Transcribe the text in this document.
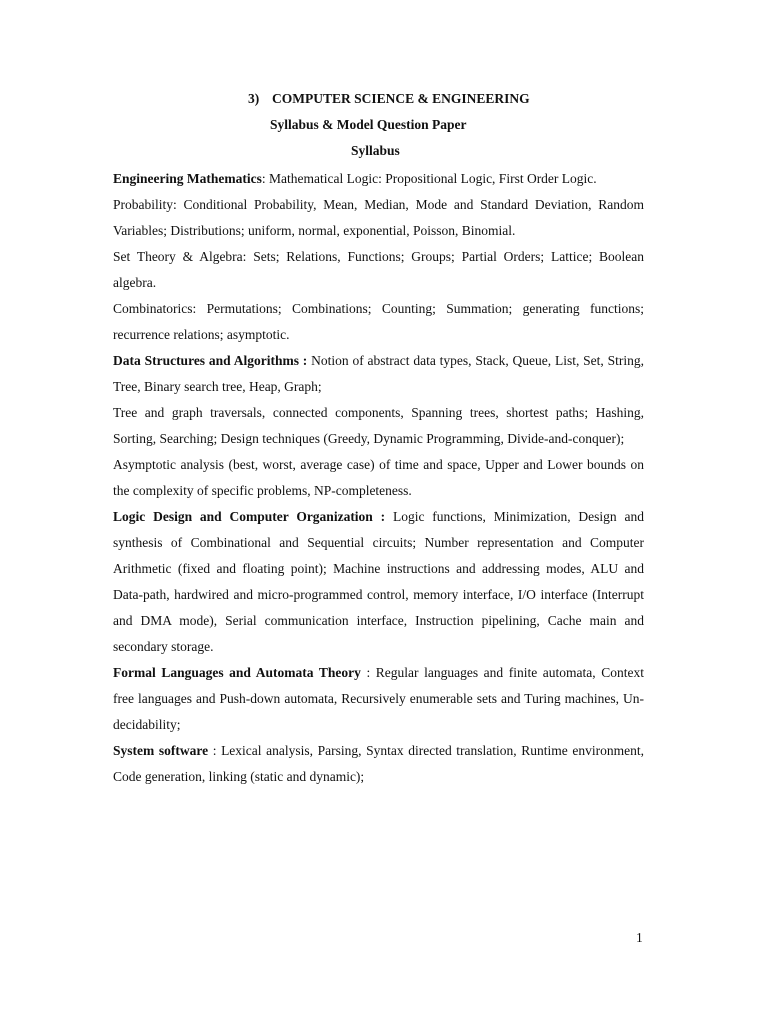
3) COMPUTER SCIENCE & ENGINEERING
Syllabus & Model Question Paper
Syllabus

Engineering Mathematics: Mathematical Logic: Propositional Logic, First Order Logic.

Probability: Conditional Probability, Mean, Median, Mode and Standard Deviation, Random Variables; Distributions; uniform, normal, exponential, Poisson, Binomial.

Set Theory & Algebra: Sets; Relations, Functions; Groups; Partial Orders; Lattice; Boolean algebra.

Combinatorics: Permutations; Combinations; Counting; Summation; generating functions; recurrence relations; asymptotic.

Data Structures and Algorithms : Notion of abstract data types, Stack, Queue, List, Set, String, Tree, Binary search tree, Heap, Graph;

Tree and graph traversals, connected components, Spanning trees, shortest paths; Hashing, Sorting, Searching; Design techniques (Greedy, Dynamic Programming, Divide-and-conquer);

Asymptotic analysis (best, worst, average case) of time and space, Upper and Lower bounds on the complexity of specific problems, NP-completeness.

Logic Design and Computer Organization : Logic functions, Minimization, Design and synthesis of Combinational and Sequential circuits; Number representation and Computer Arithmetic (fixed and floating point); Machine instructions and addressing modes, ALU and Data-path, hardwired and micro-programmed control, memory interface, I/O interface (Interrupt and DMA mode), Serial communication interface, Instruction pipelining, Cache main and secondary storage.

Formal Languages and Automata Theory : Regular languages and finite automata, Context free languages and Push-down automata, Recursively enumerable sets and Turing machines, Un-decidability;

System software : Lexical analysis, Parsing, Syntax directed translation, Runtime environment, Code generation, linking (static and dynamic);

1
